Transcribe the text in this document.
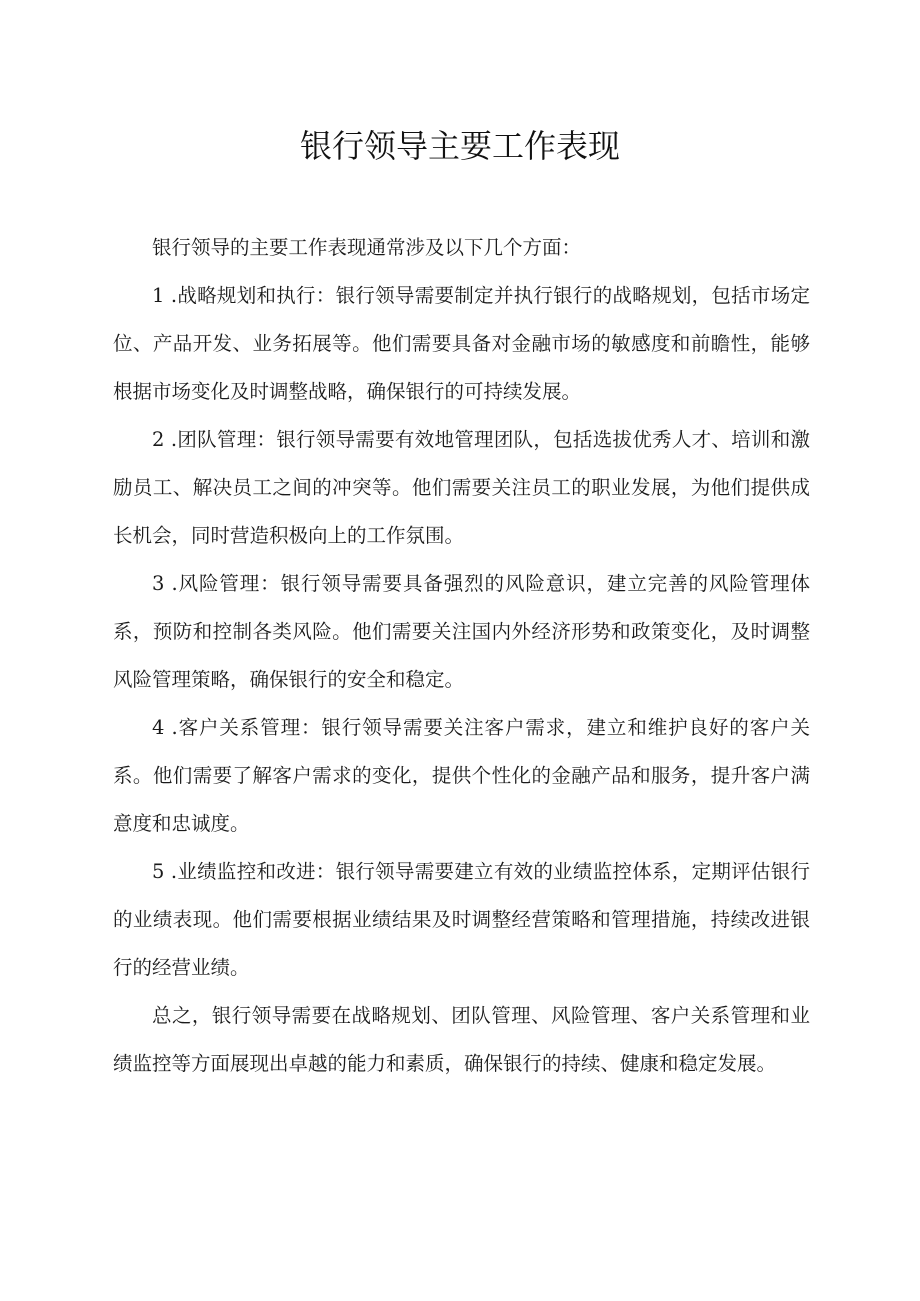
银行领导主要工作表现

银行领导的主要工作表现通常涉及以下几个方面：

1 .战略规划和执行：银行领导需要制定并执行银行的战略规划，包括市场定位、产品开发、业务拓展等。他们需要具备对金融市场的敏感度和前瞻性，能够根据市场变化及时调整战略，确保银行的可持续发展。

2 .团队管理：银行领导需要有效地管理团队，包括选拔优秀人才、培训和激励员工、解决员工之间的冲突等。他们需要关注员工的职业发展，为他们提供成长机会，同时营造积极向上的工作氛围。

3 .风险管理：银行领导需要具备强烈的风险意识，建立完善的风险管理体系，预防和控制各类风险。他们需要关注国内外经济形势和政策变化，及时调整风险管理策略，确保银行的安全和稳定。

4 .客户关系管理：银行领导需要关注客户需求，建立和维护良好的客户关系。他们需要了解客户需求的变化，提供个性化的金融产品和服务，提升客户满意度和忠诚度。

5 .业绩监控和改进：银行领导需要建立有效的业绩监控体系，定期评估银行的业绩表现。他们需要根据业绩结果及时调整经营策略和管理措施，持续改进银行的经营业绩。

总之，银行领导需要在战略规划、团队管理、风险管理、客户关系管理和业绩监控等方面展现出卓越的能力和素质，确保银行的持续、健康和稳定发展。
